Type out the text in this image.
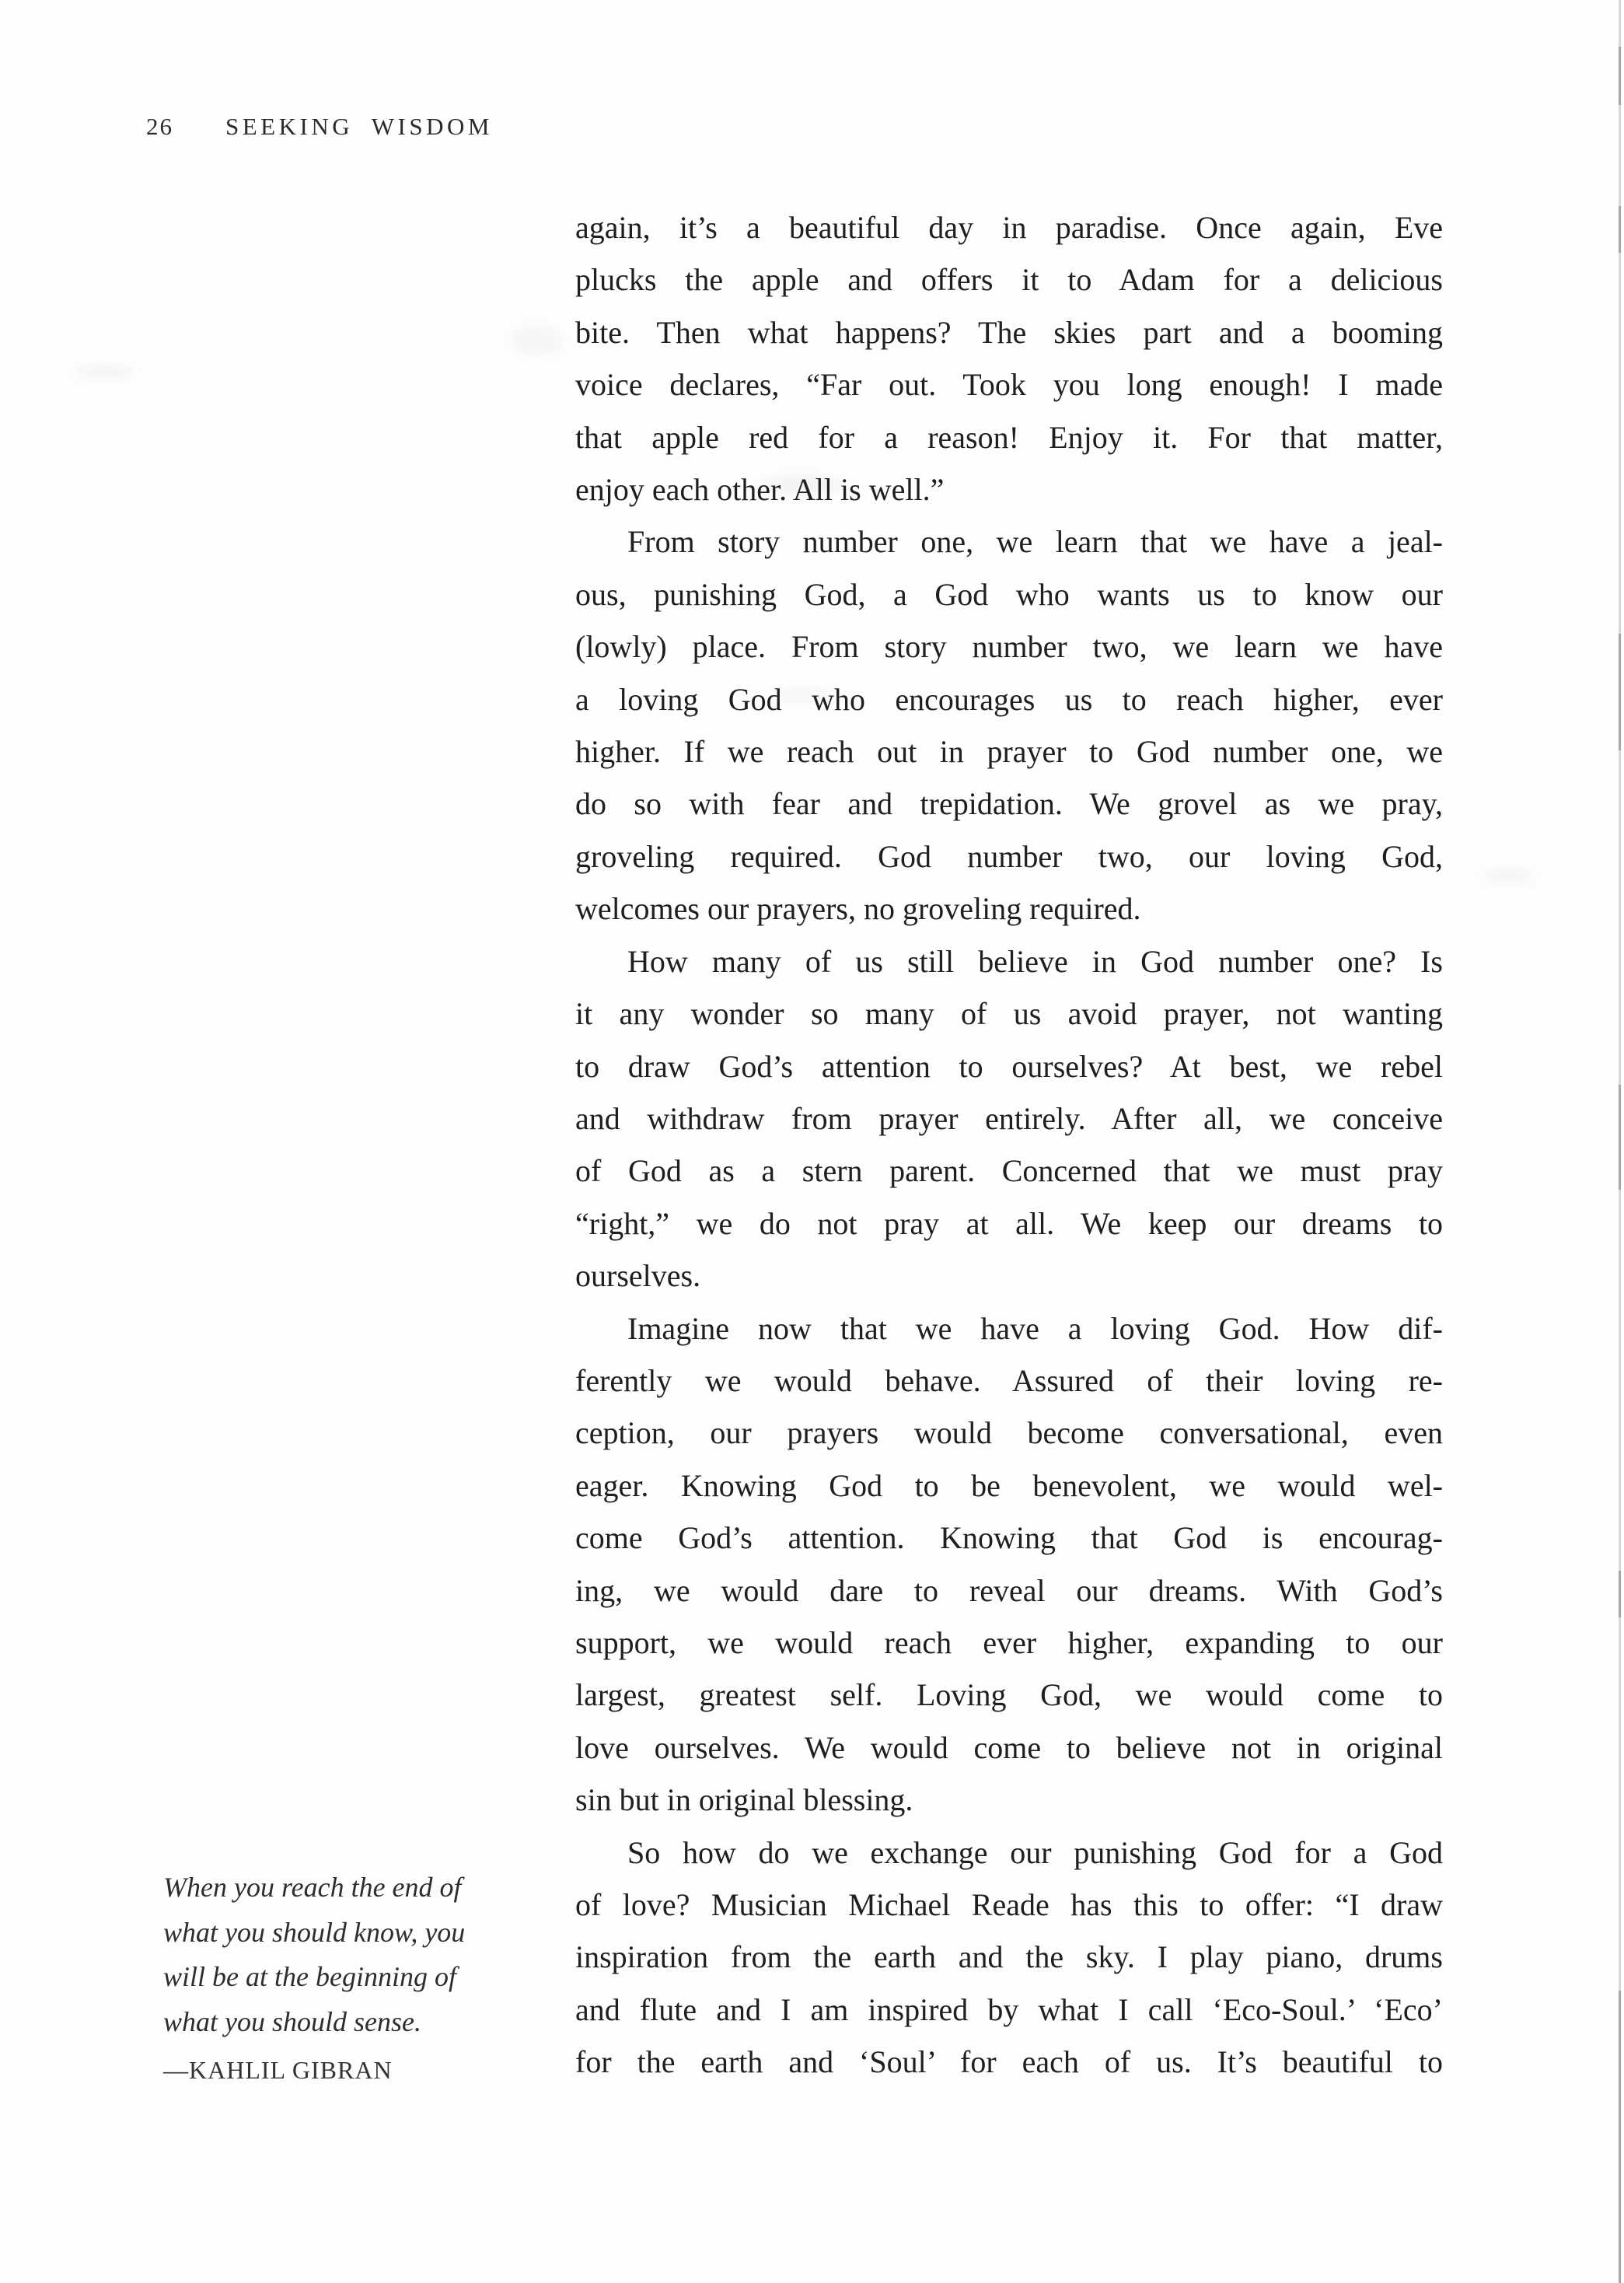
26 SEEKING WISDOM
When you reach the end of
what you should know, you
will be at the beginning of
what you should sense.
—KAHLIL GIBRAN
again, it’s a beautiful day in paradise. Once again, Eve
plucks the apple and offers it to Adam for a delicious
bite. Then what happens? The skies part and a booming
voice declares, “Far out. Took you long enough! I made
that apple red for a reason! Enjoy it. For that matter,
enjoy each other. All is well.”
From story number one, we learn that we have a jeal-
ous, punishing God, a God who wants us to know our
(lowly) place. From story number two, we learn we have
a loving God who encourages us to reach higher, ever
higher. If we reach out in prayer to God number one, we
do so with fear and trepidation. We grovel as we pray,
groveling required. God number two, our loving God,
welcomes our prayers, no groveling required.
How many of us still believe in God number one? Is
it any wonder so many of us avoid prayer, not wanting
to draw God’s attention to ourselves? At best, we rebel
and withdraw from prayer entirely. After all, we conceive
of God as a stern parent. Concerned that we must pray
“right,” we do not pray at all. We keep our dreams to
ourselves.
Imagine now that we have a loving God. How dif-
ferently we would behave. Assured of their loving re-
ception, our prayers would become conversational, even
eager. Knowing God to be benevolent, we would wel-
come God’s attention. Knowing that God is encourag-
ing, we would dare to reveal our dreams. With God’s
support, we would reach ever higher, expanding to our
largest, greatest self. Loving God, we would come to
love ourselves. We would come to believe not in original
sin but in original blessing.
So how do we exchange our punishing God for a God
of love? Musician Michael Reade has this to offer: “I draw
inspiration from the earth and the sky. I play piano, drums
and flute and I am inspired by what I call ‘Eco-Soul.’ ‘Eco’
for the earth and ‘Soul’ for each of us. It’s beautiful to
